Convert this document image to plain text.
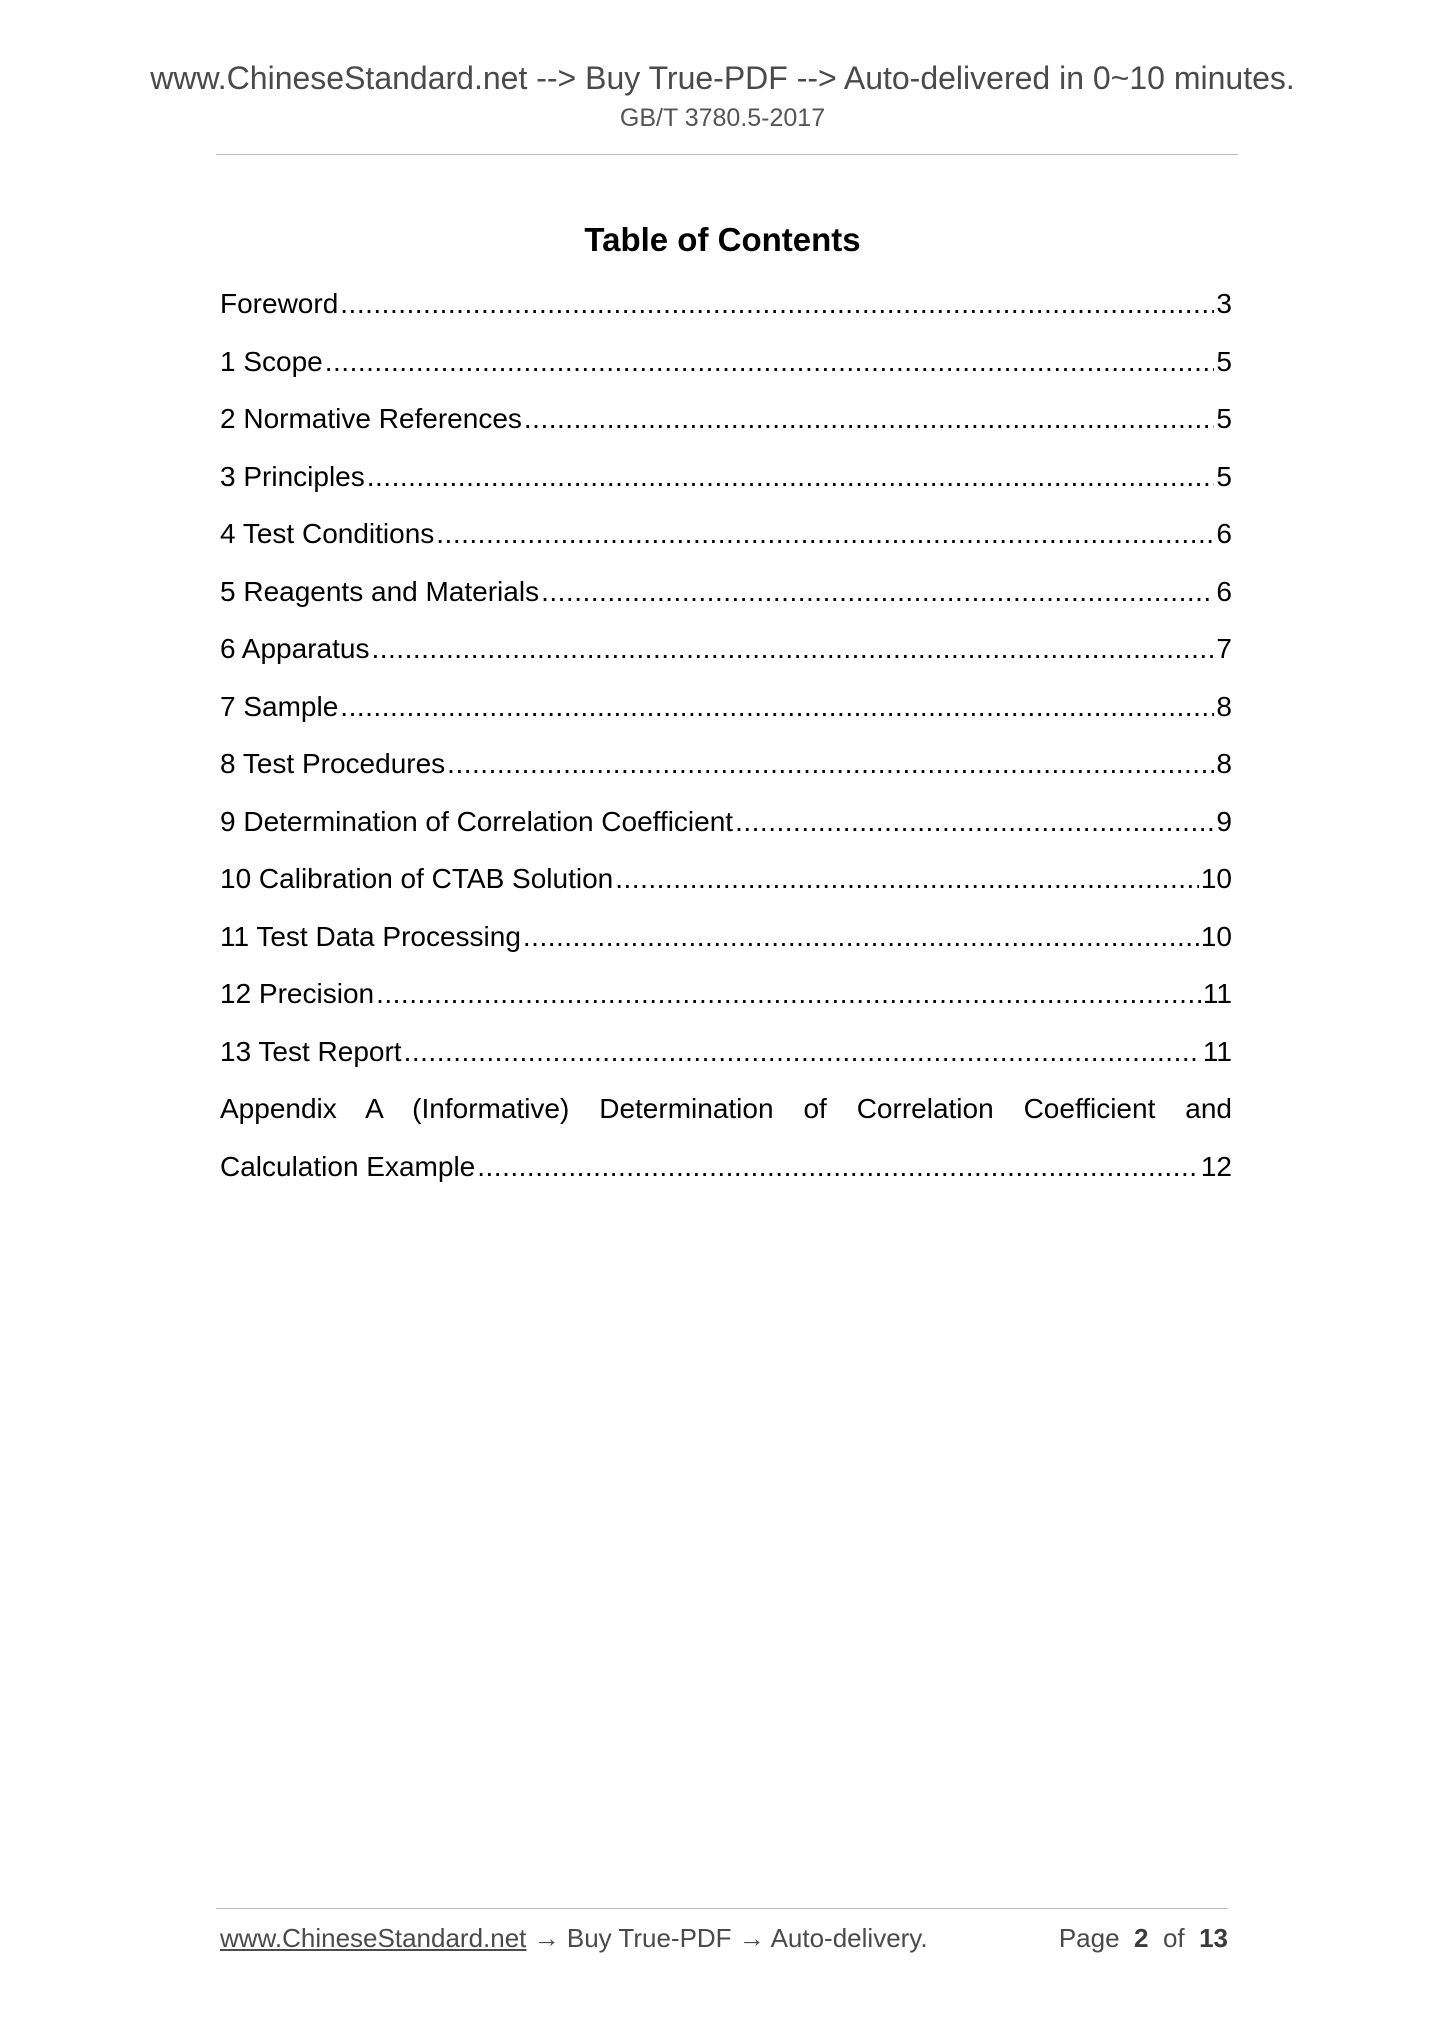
www.ChineseStandard.net --> Buy True-PDF --> Auto-delivered in 0~10 minutes.
GB/T 3780.5-2017
Table of Contents
Foreword .....	3
1 Scope .....	5
2 Normative References .....	5
3 Principles .....	5
4 Test Conditions .....	6
5 Reagents and Materials .....	6
6 Apparatus .....	7
7 Sample .....	8
8 Test Procedures .....	8
9 Determination of Correlation Coefficient .....	9
10 Calibration of CTAB Solution .....	10
11 Test Data Processing .....	10
12 Precision .....	11
13 Test Report .....	11
Appendix A (Informative) Determination of Correlation Coefficient and
Calculation Example .....	12
www.ChineseStandard.net → Buy True-PDF → Auto-delivery.	Page 2 of 13
